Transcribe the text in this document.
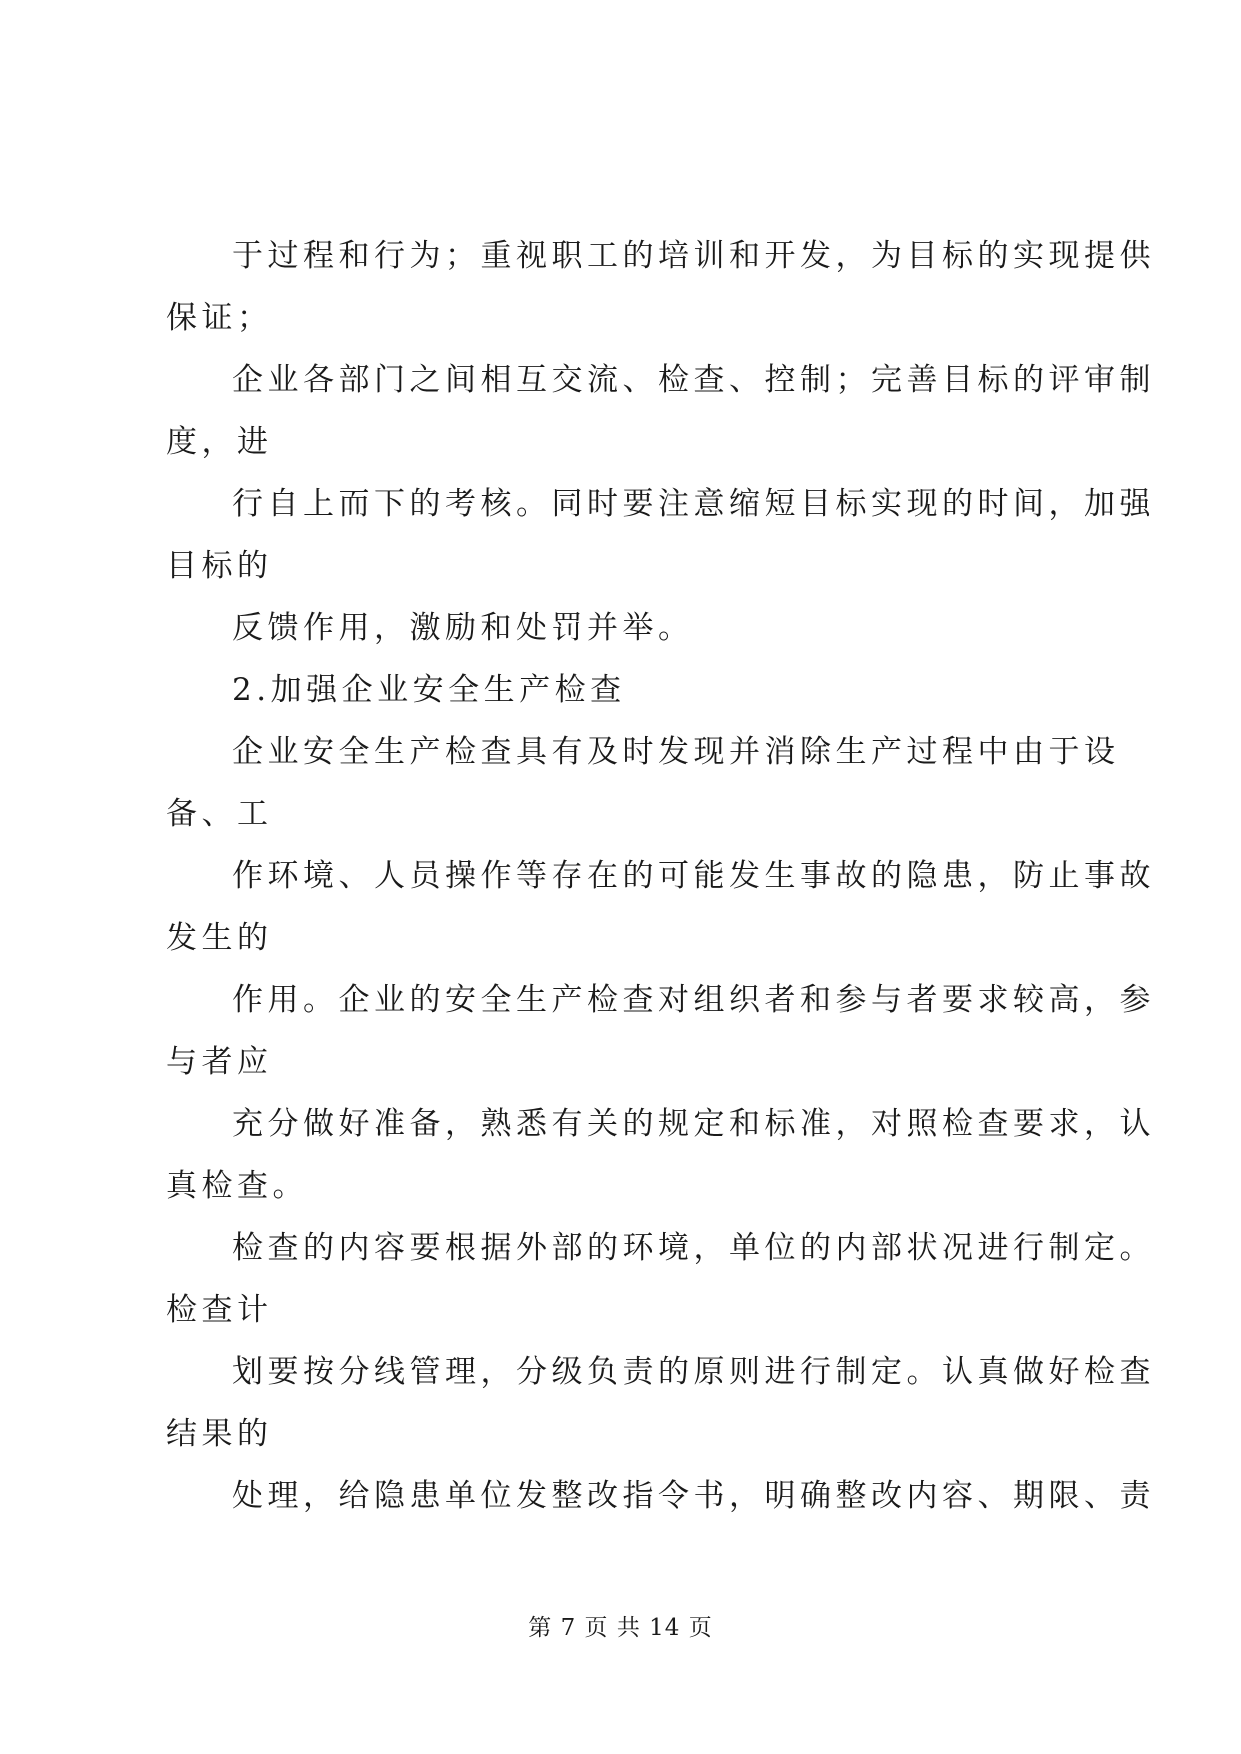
于过程和行为；重视职工的培训和开发，为目标的实现提供

保证；

企业各部门之间相互交流、检查、控制；完善目标的评审制

度，进

行自上而下的考核。同时要注意缩短目标实现的时间，加强

目标的

反馈作用，激励和处罚并举。

2.加强企业安全生产检查

企业安全生产检查具有及时发现并消除生产过程中由于设

备、工

作环境、人员操作等存在的可能发生事故的隐患，防止事故

发生的

作用。企业的安全生产检查对组织者和参与者要求较高，参

与者应

充分做好准备，熟悉有关的规定和标准，对照检查要求，认

真检查。

检查的内容要根据外部的环境，单位的内部状况进行制定。

检查计

划要按分线管理，分级负责的原则进行制定。认真做好检查

结果的

处理，给隐患单位发整改指令书，明确整改内容、期限、责

第 7 页 共 14 页
